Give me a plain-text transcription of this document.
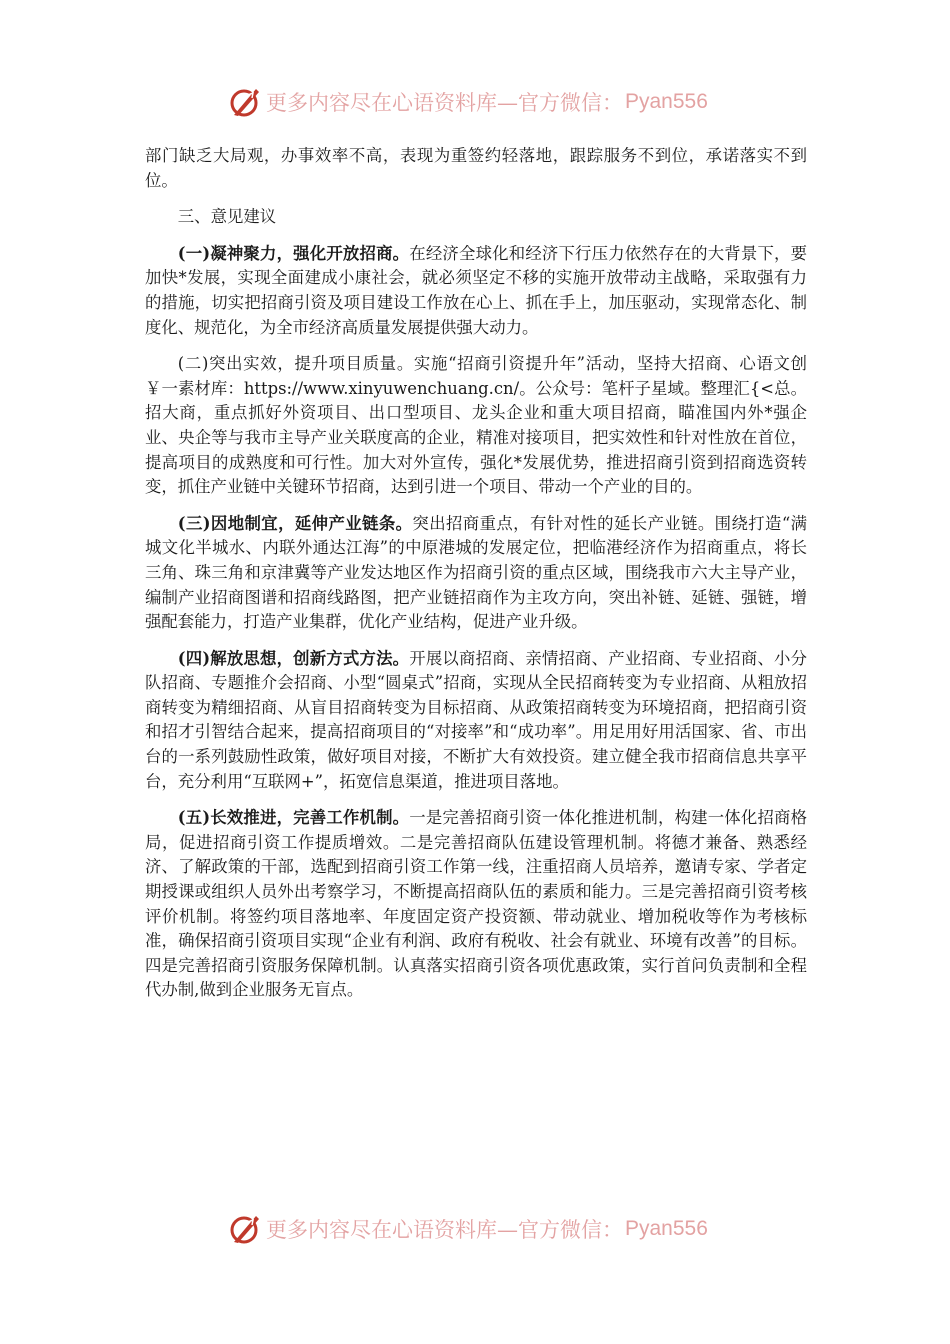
更多内容尽在心语资料库—官方微信： Pyan556

部门缺乏大局观，办事效率不高，表现为重签约轻落地，跟踪服务不到位，承诺落实不到位。

三、意见建议

(一)凝神聚力，强化开放招商。在经济全球化和经济下行压力依然存在的大背景下，要加快*发展，实现全面建成小康社会，就必须坚定不移的实施开放带动主战略，采取强有力的措施，切实把招商引资及项目建设工作放在心上、抓在手上，加压驱动，实现常态化、制度化、规范化，为全市经济高质量发展提供强大动力。

(二)突出实效，提升项目质量。实施“招商引资提升年”活动，坚持大招商、心语文创￥一素材库：https://www.xinyuwenchuang.cn/。公众号：笔杆子星域。整理汇{<总。招大商，重点抓好外资项目、出口型项目、龙头企业和重大项目招商，瞄准国内外*强企业、央企等与我市主导产业关联度高的企业，精准对接项目，把实效性和针对性放在首位，提高项目的成熟度和可行性。加大对外宣传，强化*发展优势，推进招商引资到招商选资转变，抓住产业链中关键环节招商，达到引进一个项目、带动一个产业的目的。

(三)因地制宜，延伸产业链条。突出招商重点，有针对性的延长产业链。围绕打造“满城文化半城水、内联外通达江海”的中原港城的发展定位，把临港经济作为招商重点，将长三角、珠三角和京津冀等产业发达地区作为招商引资的重点区域，围绕我市六大主导产业，编制产业招商图谱和招商线路图，把产业链招商作为主攻方向，突出补链、延链、强链，增强配套能力，打造产业集群，优化产业结构，促进产业升级。

(四)解放思想，创新方式方法。开展以商招商、亲情招商、产业招商、专业招商、小分队招商、专题推介会招商、小型“圆桌式”招商，实现从全民招商转变为专业招商、从粗放招商转变为精细招商、从盲目招商转变为目标招商、从政策招商转变为环境招商，把招商引资和招才引智结合起来，提高招商项目的“对接率”和“成功率”。用足用好用活国家、省、市出台的一系列鼓励性政策，做好项目对接，不断扩大有效投资。建立健全我市招商信息共享平台，充分利用“互联网+”，拓宽信息渠道，推进项目落地。

(五)长效推进，完善工作机制。一是完善招商引资一体化推进机制，构建一体化招商格局，促进招商引资工作提质增效。二是完善招商队伍建设管理机制。将德才兼备、熟悉经济、了解政策的干部，选配到招商引资工作第一线，注重招商人员培养，邀请专家、学者定期授课或组织人员外出考察学习，不断提高招商队伍的素质和能力。三是完善招商引资考核评价机制。将签约项目落地率、年度固定资产投资额、带动就业、增加税收等作为考核标准，确保招商引资项目实现“企业有利润、政府有税收、社会有就业、环境有改善”的目标。四是完善招商引资服务保障机制。认真落实招商引资各项优惠政策，实行首问负责制和全程代办制,做到企业服务无盲点。

更多内容尽在心语资料库—官方微信： Pyan556
